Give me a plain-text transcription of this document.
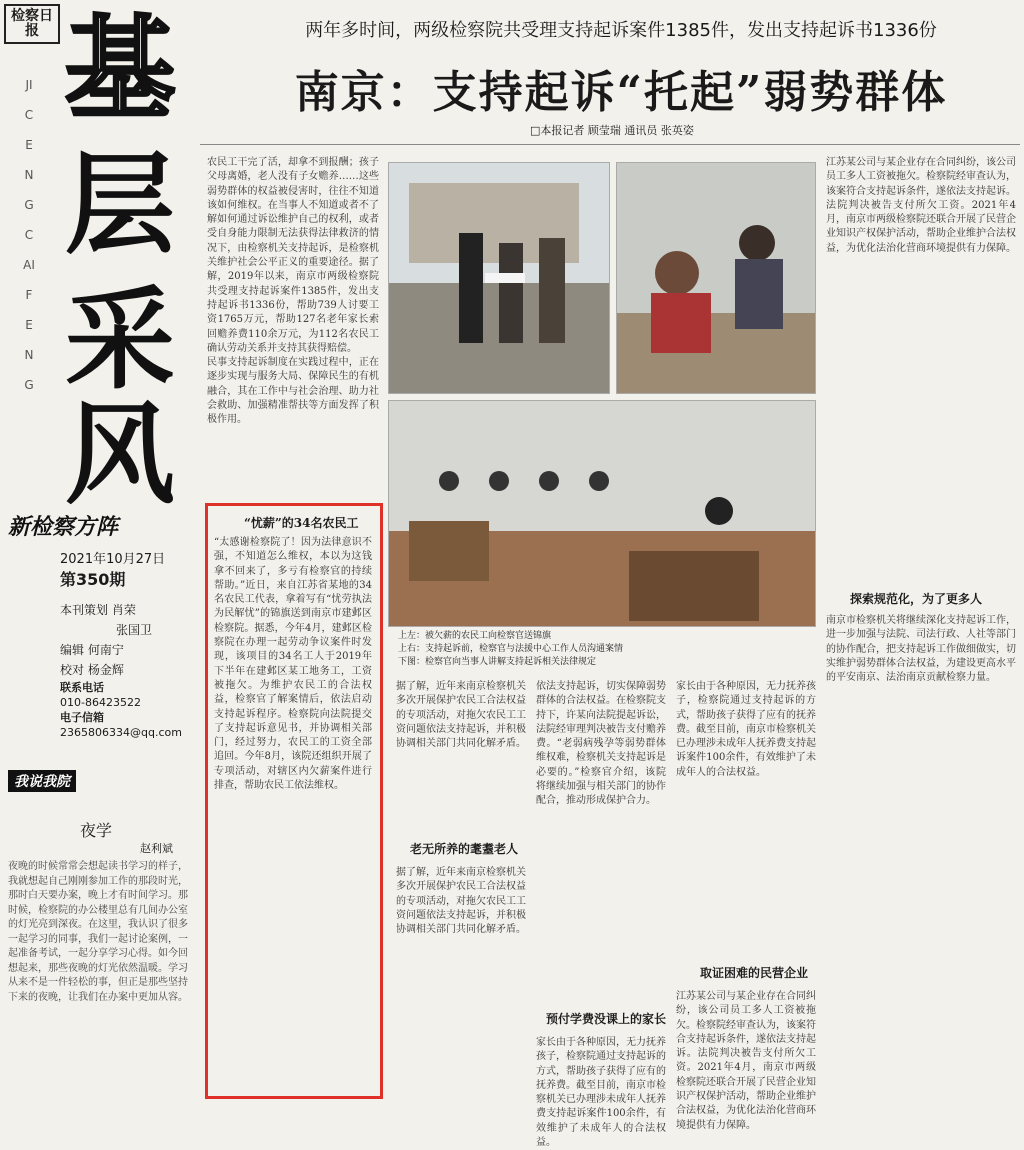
检察日报
JICENGCAIFENG
基
层
采
风
新检察方阵
2021年10月27日
第350期
本刊策划 肖荣
张国卫
编辑 何南宁
校对 杨金辉
联系电话
010-86423522
电子信箱
2365806334@qq.com
我说我院
夜学
赵利斌
夜晚的时候常常会想起读书学习的样子，我就想起自己刚刚参加工作的那段时光，那时白天要办案，晚上才有时间学习。那时候，检察院的办公楼里总有几间办公室的灯光亮到深夜。在这里，我认识了很多一起学习的同事，我们一起讨论案例，一起准备考试，一起分享学习心得。如今回想起来，那些夜晚的灯光依然温暖。学习从来不是一件轻松的事，但正是那些坚持下来的夜晚，让我们在办案中更加从容。
两年多时间，两级检察院共受理支持起诉案件1385件，发出支持起诉书1336份
南京：支持起诉“托起”弱势群体
□本报记者 顾莹瑞 通讯员 张英姿
上左：被欠薪的农民工向检察官送锦旗
上右：支持起诉前，检察官与法援中心工作人员沟通案情
下图：检察官向当事人讲解支持起诉相关法律规定
农民工干完了活，却拿不到报酬；孩子父母离婚，老人没有子女赡养……这些弱势群体的权益被侵害时，往往不知道该如何维权。在当事人不知道或者不了解如何通过诉讼维护自己的权利，或者受自身能力限制无法获得法律救济的情况下，由检察机关支持起诉，是检察机关维护社会公平正义的重要途径。据了解，2019年以来，南京市两级检察院共受理支持起诉案件1385件，发出支持起诉书1336份，帮助739人讨要工资1765万元，帮助127名老年家长索回赡养费110余万元，为112名农民工确认劳动关系并支持其获得赔偿。
民事支持起诉制度在实践过程中，正在逐步实现与服务大局、保障民生的有机融合，其在工作中与社会治理、助力社会救助、加强精准帮扶等方面发挥了积极作用。
“忧薪”的34名农民工
“太感谢检察院了！因为法律意识不强，不知道怎么维权，本以为这钱拿不回来了，多亏有检察官的持续帮助。”近日，来自江苏省某地的34名农民工代表，拿着写有“忧劳执法 为民解忧”的锦旗送到南京市建邺区检察院。据悉，今年4月，建邺区检察院在办理一起劳动争议案件时发现，该项目的34名工人于2019年下半年在建邺区某工地务工，工资被拖欠。为维护农民工的合法权益，检察官了解案情后，依法启动支持起诉程序。检察院向法院提交了支持起诉意见书，并协调相关部门，经过努力，农民工的工资全部追回。今年8月，该院还组织开展了专项活动，对辖区内欠薪案件进行排查，帮助农民工依法维权。
据了解，近年来南京检察机关多次开展保护农民工合法权益的专项活动，对拖欠农民工工资问题依法支持起诉，并积极协调相关部门共同化解矛盾。
老无所养的耄耋老人
据了解，近年来南京检察机关多次开展保护农民工合法权益的专项活动，对拖欠农民工工资问题依法支持起诉，并积极协调相关部门共同化解矛盾。
依法支持起诉，切实保障弱势群体的合法权益。在检察院支持下，许某向法院提起诉讼，法院经审理判决被告支付赡养费。“老弱病残孕等弱势群体维权难，检察机关支持起诉是必要的。”检察官介绍，该院将继续加强与相关部门的协作配合，推动形成保护合力。
预付学费没课上的家长
家长由于各种原因，无力抚养孩子，检察院通过支持起诉的方式，帮助孩子获得了应有的抚养费。截至目前，南京市检察机关已办理涉未成年人抚养费支持起诉案件100余件，有效维护了未成年人的合法权益。
家长由于各种原因，无力抚养孩子，检察院通过支持起诉的方式，帮助孩子获得了应有的抚养费。截至目前，南京市检察机关已办理涉未成年人抚养费支持起诉案件100余件，有效维护了未成年人的合法权益。
取证困难的民营企业
江苏某公司与某企业存在合同纠纷，该公司员工多人工资被拖欠。检察院经审查认为，该案符合支持起诉条件，遂依法支持起诉。法院判决被告支付所欠工资。2021年4月，南京市两级检察院还联合开展了民营企业知识产权保护活动，帮助企业维护合法权益，为优化法治化营商环境提供有力保障。
江苏某公司与某企业存在合同纠纷，该公司员工多人工资被拖欠。检察院经审查认为，该案符合支持起诉条件，遂依法支持起诉。法院判决被告支付所欠工资。2021年4月，南京市两级检察院还联合开展了民营企业知识产权保护活动，帮助企业维护合法权益，为优化法治化营商环境提供有力保障。
探索规范化，为了更多人
南京市检察机关将继续深化支持起诉工作，进一步加强与法院、司法行政、人社等部门的协作配合，把支持起诉工作做细做实，切实维护弱势群体合法权益，为建设更高水平的平安南京、法治南京贡献检察力量。
